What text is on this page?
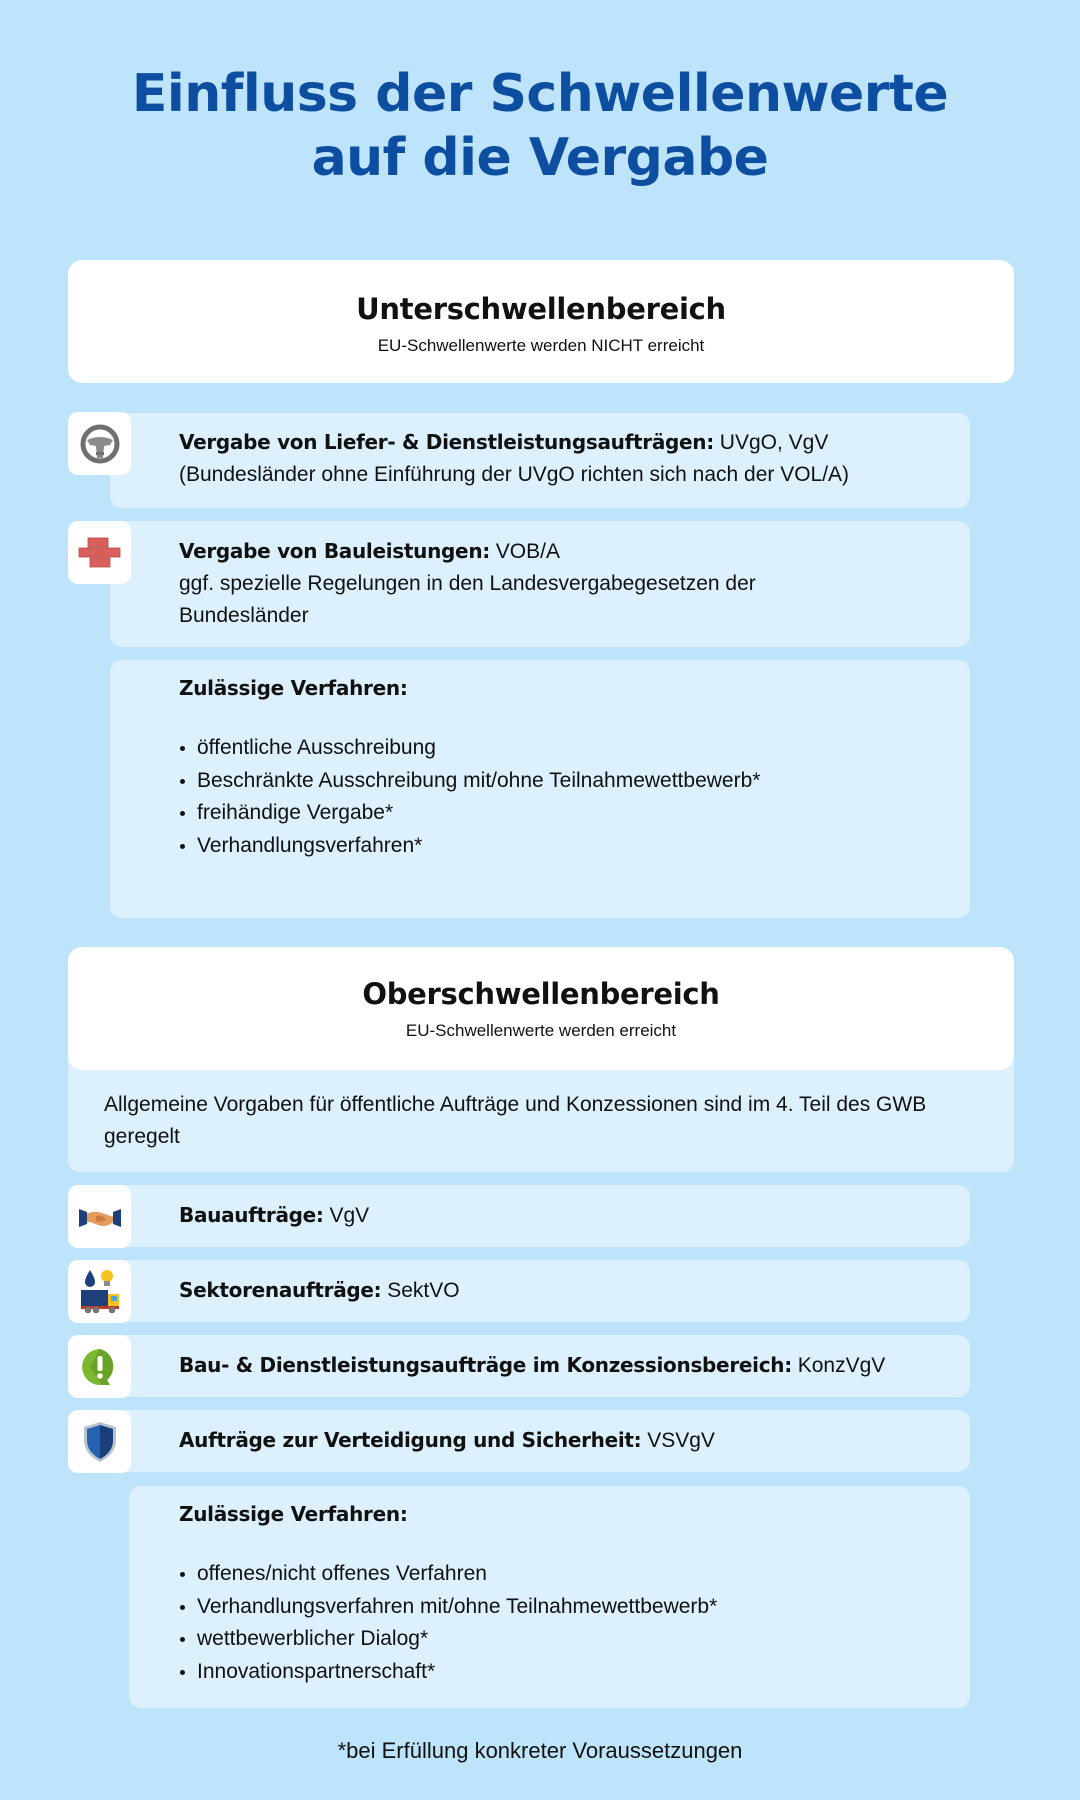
Einfluss der Schwellenwerte
auf die Vergabe
Unterschwellenbereich
EU-Schwellenwerte werden NICHT erreicht
Vergabe von Liefer- & Dienstleistungsaufträgen: UVgO, VgV
(Bundesländer ohne Einführung der UVgO richten sich nach der VOL/A)
Vergabe von Bauleistungen: VOB/A
ggf. spezielle Regelungen in den Landesvergabegesetzen der Bundesländer
Zulässige Verfahren:
öffentliche Ausschreibung
Beschränkte Ausschreibung mit/ohne Teilnahmewettbewerb*
freihändige Vergabe*
Verhandlungsverfahren*
Oberschwellenbereich
EU-Schwellenwerte werden erreicht
Allgemeine Vorgaben für öffentliche Aufträge und Konzessionen sind im 4. Teil des GWB geregelt
Bauaufträge: VgV
Sektorenaufträge: SektVO
Bau- & Dienstleistungsaufträge im Konzessionsbereich: KonzVgV
Aufträge zur Verteidigung und Sicherheit: VSVgV
Zulässige Verfahren:
offenes/nicht offenes Verfahren
Verhandlungsverfahren mit/ohne Teilnahmewettbewerb*
wettbewerblicher Dialog*
Innovationspartnerschaft*
*bei Erfüllung konkreter Voraussetzungen
